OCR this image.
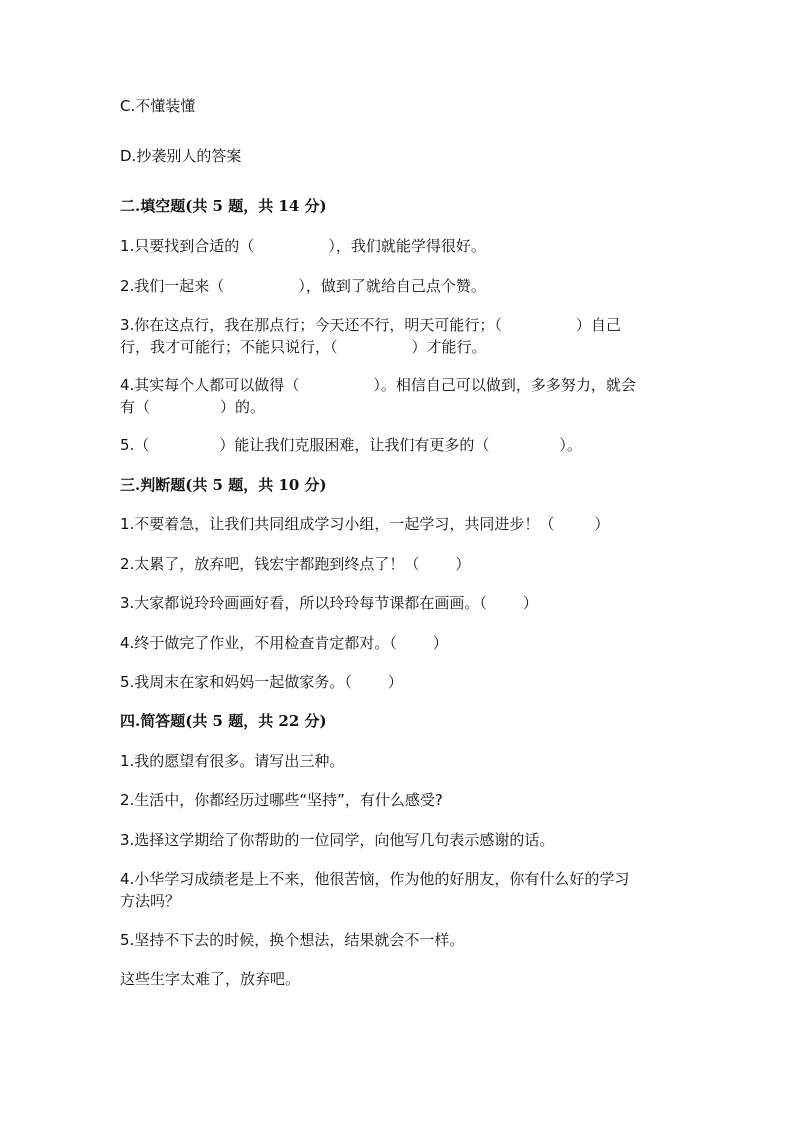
C.不懂装懂
D.抄袭别人的答案
二.填空题(共 5 题，共 14 分)
1.只要找到合适的（	），我们就能学得很好。
2.我们一起来（	），做到了就给自己点个赞。
3.你在这点行，我在那点行；今天还不行，明天可能行；（	）自己
行，我才可能行；不能只说行，（	）才能行。
4.其实每个人都可以做得（	）。相信自己可以做到，多多努力，就会
有（	）的。
5.（	）能让我们克服困难，让我们有更多的（	）。
三.判断题(共 5 题，共 10 分)
1.不要着急，让我们共同组成学习小组，一起学习，共同进步！（	）
2.太累了，放弃吧，钱宏宇都跑到终点了！（ ）
3.大家都说玲玲画画好看，所以玲玲每节课都在画画。（ ）
4.终于做完了作业，不用检查肯定都对。（ ）
5.我周末在家和妈妈一起做家务。（ ）
四.简答题(共 5 题，共 22 分)
1.我的愿望有很多。请写出三种。
2.生活中，你都经历过哪些“坚持”，有什么感受?
3.选择这学期给了你帮助的一位同学，向他写几句表示感谢的话。
4.小华学习成绩老是上不来，他很苦恼，作为他的好朋友，你有什么好的学习
方法吗？
5.坚持不下去的时候，换个想法，结果就会不一样。
这些生字太难了，放弃吧。
